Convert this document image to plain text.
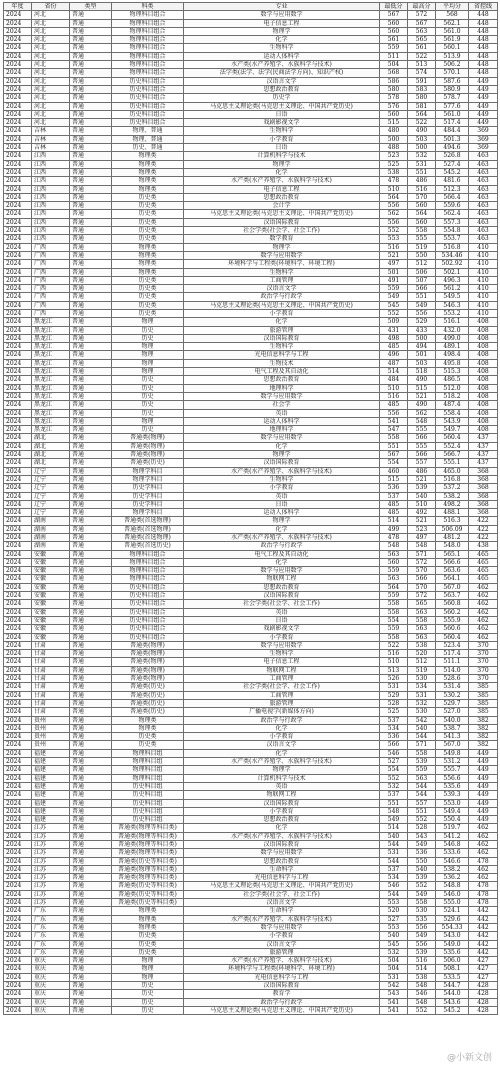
年度	省份	类型	科类	专业	最低分	最高分	平均分	省控线
2024	河北	普通	物理科目组合	数学与应用数学	567	572	568	448
2024	河北	普通	物理科目组合	电子信息工程	560	567	562.1	448
2024	河北	普通	物理科目组合	物理学	560	563	561.0	448
2024	河北	普通	物理科目组合	化学	561	565	561.9	448
2024	河北	普通	物理科目组合	生物科学	559	561	560.1	448
2024	河北	普通	物理科目组合	运动人体科学	511	522	513.9	448
2024	河北	普通	物理科目组合	水产类(水产养殖学、水族科学与技术)	504	513	506.2	448
2024	河北	普通	物理科目组合	法学类(法学、法学(民商法学方向)、知识产权)	568	574	570.1	448
2024	河北	普通	历史科目组合	汉语言文学	586	591	587.6	449
2024	河北	普通	历史科目组合	思想政治教育	580	583	580.9	449
2024	河北	普通	历史科目组合	历史学	578	580	578.7	449
2024	河北	普通	历史科目组合	马克思主义理论类(马克思主义理论、中国共产党历史)	576	581	577.6	449
2024	河北	普通	历史科目组合	日语	560	564	561.0	449
2024	河北	普通	历史科目组合	戏剧影视文学	515	522	517.4	449
2024	吉林	普通	物理、普通	生物科学	480	490	484.4	369
2024	吉林	普通	物理、普通	小学教育	500	503	501.3	369
2024	吉林	普通	历史、普通	日语	488	500	494.6	369
2024	江西	普通	物理类	计算机科学与技术	523	532	526.8	463
2024	江西	普通	物理类	物理学	525	531	527.4	463
2024	江西	普通	物理类	化学	538	551	545.2	463
2024	江西	普通	物理类	水产类(水产养殖学、水族科学与技术)	478	486	481.6	463
2024	江西	普通	物理类	电子信息工程	510	516	512.3	463
2024	江西	普通	历史类	思想政治教育	564	570	566.4	463
2024	江西	普通	历史类	会计学	556	560	559.6	463
2024	江西	普通	历史类	马克思主义理论类(马克思主义理论、中国共产党历史)	562	564	562.4	463
2024	江西	普通	历史类	汉语国际教育	556	560	557.3	463
2024	江西	普通	历史类	社会学类(社会学、社会工作)	552	558	554.8	463
2024	江西	普通	历史类	数学教育	553	555	553.7	463
2024	广西	普通	物理类	物理学	516	519	516.8	410
2024	广西	普通	物理类	数学与应用数学	521	550	534.46	410
2024	广西	普通	物理类	环境科学与工程类(环境科学、环境工程)	497	512	502.92	410
2024	广西	普通	物理类	生物科学	501	506	502.1	410
2024	广西	普通	历史类	工商管理	491	507	496.3	410
2024	广西	普通	历史类	汉语言文学	559	566	561.2	410
2024	广西	普通	历史类	政治学与行政学	549	551	549.5	410
2024	广西	普通	历史类	马克思主义理论类(马克思主义理论、中国共产党历史)	545	549	546.3	410
2024	广西	普通	历史类	小学教育	552	556	553.2	410
2024	黑龙江	普通	物理	化学	509	529	516.1	408
2024	黑龙江	普通	历史	旅游管理	431	433	432.0	408
2024	黑龙江	普通	历史	汉语国际教育	498	500	499.0	408
2024	黑龙江	普通	物理	生物科学	485	494	489.1	408
2024	黑龙江	普通	物理	光电信息科学与工程	496	501	498.4	408
2024	黑龙江	普通	物理	生物技术	487	503	495.8	408
2024	黑龙江	普通	物理	电气工程及其自动化	514	518	515.3	408
2024	黑龙江	普通	历史	思想政治教育	484	490	486.5	408
2024	黑龙江	普通	历史	地理科学	510	515	512.0	408
2024	黑龙江	普通	历史	数学与应用数学	516	521	518.2	408
2024	黑龙江	普通	历史	社会学	485	490	487.4	408
2024	黑龙江	普通	历史	英语	556	562	558.4	408
2024	黑龙江	普通	物理	运动人体科学	541	548	543.9	408
2024	黑龙江	普通	历史	地理科学	547	555	549.7	408
2024	湖北	普通	普通类(物理)	数学与应用数学	558	566	560.4	437
2024	湖北	普通	普通类(物理)	化学	551	555	552.4	437
2024	湖北	普通	普通类(物理)	物理学	567	566	566.7	437
2024	湖北	普通	普通类(历史)	汉语国际教育	554	557	555.1	437
2024	辽宁	普通	物理学科目	水产类(水产养殖学、水族科学与技术)	460	486	465.0	368
2024	辽宁	普通	物理学科目	生物科学	515	521	516.8	368
2024	辽宁	普通	历史学科目	小学教育	536	539	537.2	368
2024	辽宁	普通	历史学科目	英语	537	540	538.2	368
2024	辽宁	普通	历史学科目	日语	485	510	498.2	368
2024	辽宁	普通	物理学科目	运动人体科学	485	492	488.1	368
2024	湖南	普通	普通类(首选物理)	物理学	514	521	516.3	422
2024	湖南	普通	普通类(首选物理)	化学	499	523	506.09	422
2024	湖南	普通	普通类(首选物理)	水产类(水产养殖学、水族科学与技术)	478	497	481.2	422
2024	湖南	普通	普通类(首选历史)	政治学与行政学	548	548	548.0	438
2024	安徽	普通	物理科目组合	电气工程及其自动化	563	571	565.1	465
2024	安徽	普通	物理科目组合	化学	560	572	566.6	465
2024	安徽	普通	物理科目组合	数学与应用数学	559	570	563.6	465
2024	安徽	普通	物理科目组合	物联网工程	563	566	564.1	465
2024	安徽	普通	历史科目组合	思想政治教育	564	570	567.0	462
2024	安徽	普通	历史科目组合	汉语国际教育	559	572	563.7	462
2024	安徽	普通	历史科目组合	社会学类(社会学、社会工作)	558	565	560.8	462
2024	安徽	普通	历史科目组合	英语	558	563	560.2	462
2024	安徽	普通	历史科目组合	日语	554	558	555.9	462
2024	安徽	普通	历史科目组合	戏剧影视文学	559	563	560.6	462
2024	安徽	普通	历史科目组合	小学教育	558	563	560.4	462
2024	甘肃	普通	普通类(物理)	数学与应用数学	522	538	523.4	370
2024	甘肃	普通	普通类(物理)	生物科学	516	520	517.4	370
2024	甘肃	普通	普通类(物理)	电子信息工程	510	512	511.1	370
2024	甘肃	普通	普通类(物理)	物联网工程	513	519	514.0	370
2024	甘肃	普通	普通类(物理)	工商管理	526	530	528.6	370
2024	甘肃	普通	普通类(历史)	社会学类(社会学、社会工作)	531	534	531.4	385
2024	甘肃	普通	普通类(历史)	工商管理	529	531	530.2	385
2024	甘肃	普通	普通类(历史)	旅游管理	528	532	529.7	385
2024	甘肃	普通	普通类(历史)	广播电视学(新媒体方向)	525	530	527.0	385
2024	贵州	普通	物理类	政治学与行政学	537	542	540.0	382
2024	贵州	普通	物理类	化学	534	540	538.7	382
2024	贵州	普通	历史类	小学教育	536	544	541.3	382
2024	贵州	普通	历史类	汉语言文学	566	571	567.0	382
2024	福建	普通	物理科目组	化学	546	558	549.8	449
2024	福建	普通	物理科目组	水产类(水产养殖学、水族科学与技术)	527	539	531.2	449
2024	福建	普通	物理科目组	物理学	554	559	555.7	449
2024	福建	普通	物理科目组	计算机科学与技术	552	563	556.6	449
2024	福建	普通	历史科目组	英语	532	544	535.6	449
2024	福建	普通	历史科目组	物联网工程	537	544	539.3	449
2024	福建	普通	历史科目组	汉语国际教育	551	557	553.0	449
2024	福建	普通	历史科目组	小学教育	548	551	549.4	449
2024	福建	普通	历史科目组	思想政治教育	549	552	550.4	449
2024	江苏	普通	普通类(物理等科目类)	化学	514	528	519.7	462
2024	江苏	普通	普通类(物理等科目类)	水产类(水产养殖学、水族科学与技术)	540	543	541.2	462
2024	江苏	普通	普通类(物理等科目类)	汉语国际教育	544	549	546.8	462
2024	江苏	普通	普通类(物理等科目类)	数学与应用数学	531	536	533.6	462
2024	江苏	普通	普通类(历史等科目类)	思想政治教育	544	550	546.6	478
2024	江苏	普通	普通类(物理等科目类)	生命科学	537	540	538.2	462
2024	江苏	普通	普通类(物理等科目类)	光电信息科学与工程	534	539	536.2	462
2024	江苏	普通	普通类(历史等科目类)	马克思主义理论类(马克思主义理论、中国共产党历史)	546	552	548.8	478
2024	江苏	普通	普通类(历史等科目类)	社会学类(社会学、社会工作)	544	549	546.0	478
2024	江苏	普通	普通类(历史等科目类)	汉语言文学	553	558	555.0	478
2024	广东	普通	物理类	生命科学	520	530	524.1	442
2024	广东	普通	物理类	水产类(水产养殖学、水族科学与技术)	527	535	529.6	442
2024	广东	普通	物理类	数学与应用数学	553	556	554.33	442
2024	广东	普通	历史类	小学教育	540	549	543.0	442
2024	广东	普通	历史类	汉语言文学	545	556	549.0	442
2024	广东	普通	历史类	旅游管理	532	539	535.6	442
2024	重庆	普通	物理	水产类(水产养殖学、水族科学与技术)	504	516	506.0	427
2024	重庆	普通	物理	环境科学与工程类(环境科学、环境工程)	504	514	508.1	427
2024	重庆	普通	物理	光电信息科学与工程	531	538	533.5	427
2024	重庆	普通	历史	汉语国际教育	542	548	544.7	428
2024	重庆	普通	历史	教育学	543	546	544.0	428
2024	重庆	普通	历史	政治学与行政学	541	548	543.6	428
2024	重庆	普通	历史	马克思主义理论类(马克思主义理论、中国共产党历史)	541	552	545.2	428
@小新文创
